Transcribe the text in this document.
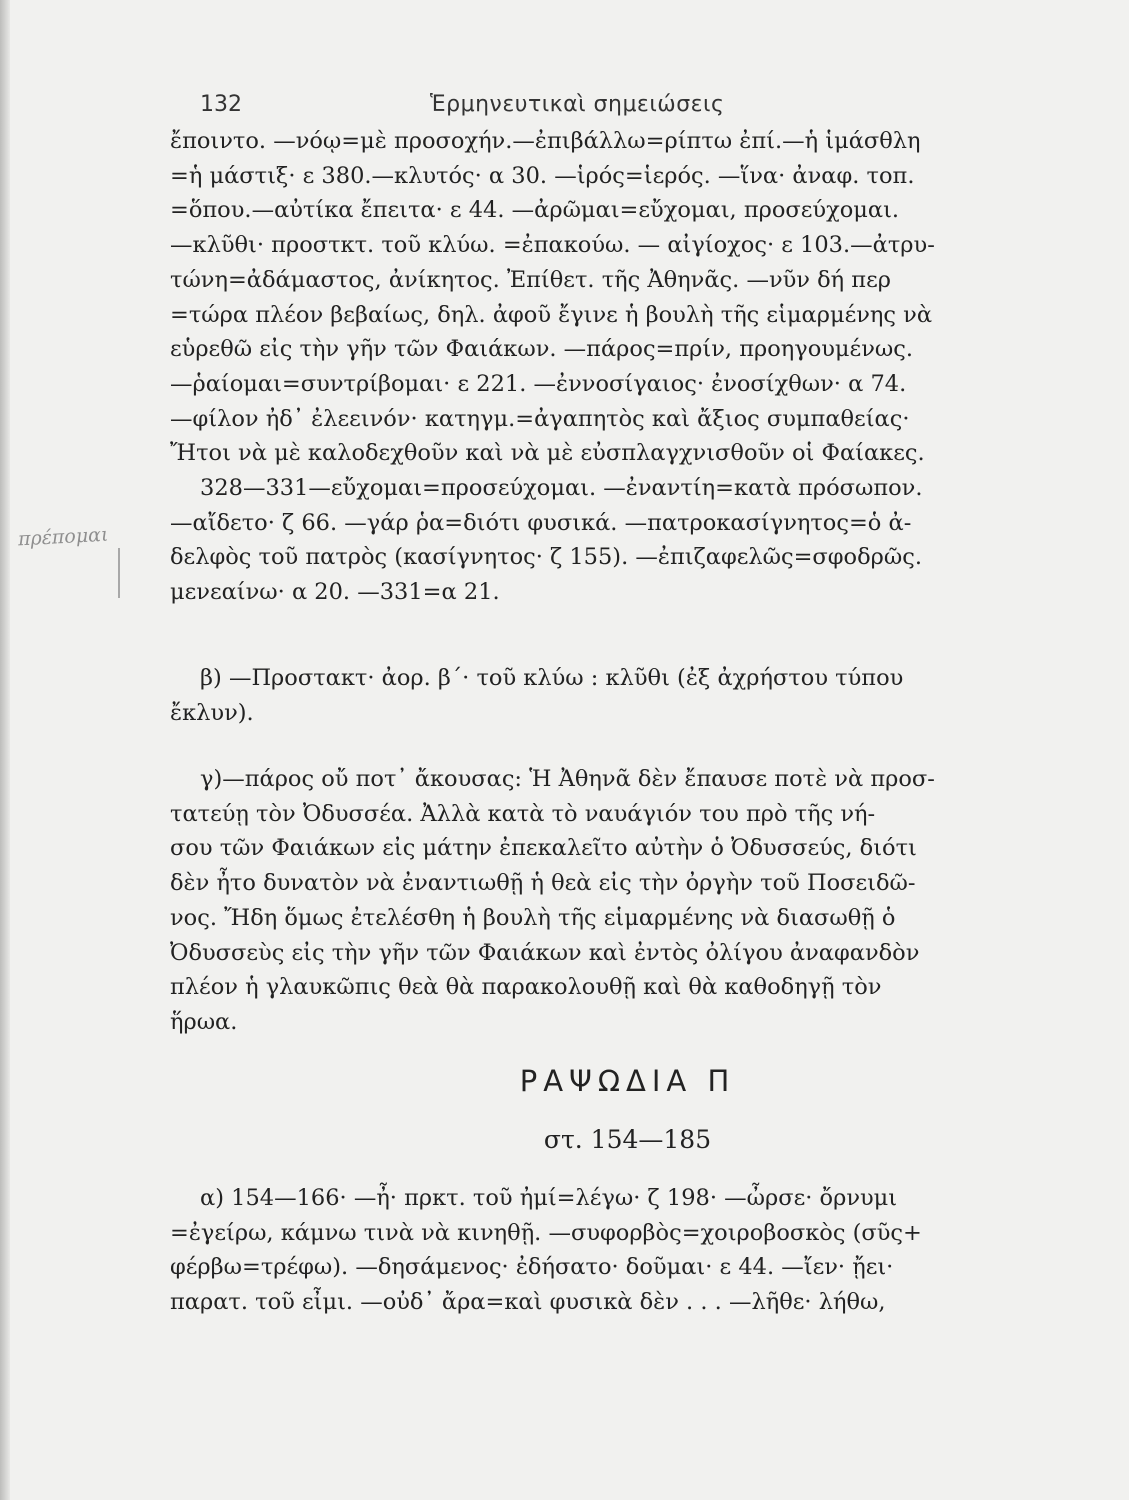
132	Ἑρμηνευτικαὶ σημειώσεις
πρέπομαι
ἔποιντο. —νόῳ=μὲ προσοχήν.—ἐπιβάλλω=ρίπτω ἐπί.—ἡ ἱμάσθλη
=ἡ μάστιξ· ε 380.—κλυτός· α 30. —ἱρός=ἱερός. —ἵνα· ἀναφ. τοπ.
=ὅπου.—αὐτίκα ἔπειτα· ε 44. —ἀρῶμαι=εὔχομαι, προσεύχομαι.
—κλῦθι· προστκτ. τοῦ κλύω. =ἐπακούω. — αἰγίοχος· ε 103.—ἀτρυ-
τώνη=ἀδάμαστος, ἀνίκητος. Ἐπίθετ. τῆς Ἀθηνᾶς. —νῦν δή περ
=τώρα πλέον βεβαίως, δηλ. ἀφοῦ ἔγινε ἡ βουλὴ τῆς εἱμαρμένης νὰ
εὑρεθῶ εἰς τὴν γῆν τῶν Φαιάκων. —πάρος=πρίν, προηγουμένως.
—ῥαίομαι=συντρίβομαι· ε 221. —ἐννοσίγαιος· ἐνοσίχθων· α 74.
—φίλον ἠδ᾽ ἐλεεινόν· κατηγμ.=ἀγαπητὸς καὶ ἄξιος συμπαθείας·
Ἤτοι νὰ μὲ καλοδεχθοῦν καὶ νὰ μὲ εὐσπλαγχνισθοῦν οἱ Φαίακες.
328—331—εὔχομαι=προσεύχομαι. —ἐναντίη=κατὰ πρόσωπον.
—αἴδετο· ζ 66. —γάρ ῥα=διότι φυσικά. —πατροκασίγνητος=ὁ ἀ-
δελφὸς τοῦ πατρὸς (κασίγνητος· ζ 155). —ἐπιζαφελῶς=σφοδρῶς.
μενεαίνω· α 20. —331=α 21.
β) —Προστακτ· ἀορ. β΄· τοῦ κλύω : κλῦθι (ἐξ ἀχρήστου τύπου
ἔκλυν).
γ)—πάρος οὔ ποτ᾽ ἄκουσας: Ἡ Ἀθηνᾶ δὲν ἔπαυσε ποτὲ νὰ προσ-
τατεύῃ τὸν Ὀδυσσέα. Ἀλλὰ κατὰ τὸ ναυάγιόν του πρὸ τῆς νή-
σου τῶν Φαιάκων εἰς μάτην ἐπεκαλεῖτο αὐτὴν ὁ Ὀδυσσεύς, διότι
δὲν ἦτο δυνατὸν νὰ ἐναντιωθῇ ἡ θεὰ εἰς τὴν ὀργὴν τοῦ Ποσειδῶ-
νος. Ἤδη ὅμως ἐτελέσθη ἡ βουλὴ τῆς εἱμαρμένης νὰ διασωθῇ ὁ
Ὀδυσσεὺς εἰς τὴν γῆν τῶν Φαιάκων καὶ ἐντὸς ὀλίγου ἀναφανδὸν
πλέον ἡ γλαυκῶπις θεὰ θὰ παρακολουθῇ καὶ θὰ καθοδηγῇ τὸν
ἥρωα.
ΡΑΨΩΔΙΑ Π
στ. 154—185
α) 154—166· —ἦ· πρκτ. τοῦ ἠμί=λέγω· ζ 198· —ὦρσε· ὄρνυμι
=ἐγείρω, κάμνω τινὰ νὰ κινηθῇ. —συφορβὸς=χοιροβοσκὸς (σῦς+
φέρβω=τρέφω). —δησάμενος· ἐδήσατο· δοῦμαι· ε 44. —ἴεν· ᾔει·
παρατ. τοῦ εἶμι. —οὐδ᾽ ἄρα=καὶ φυσικὰ δὲν . . . —λῆθε· λήθω,
